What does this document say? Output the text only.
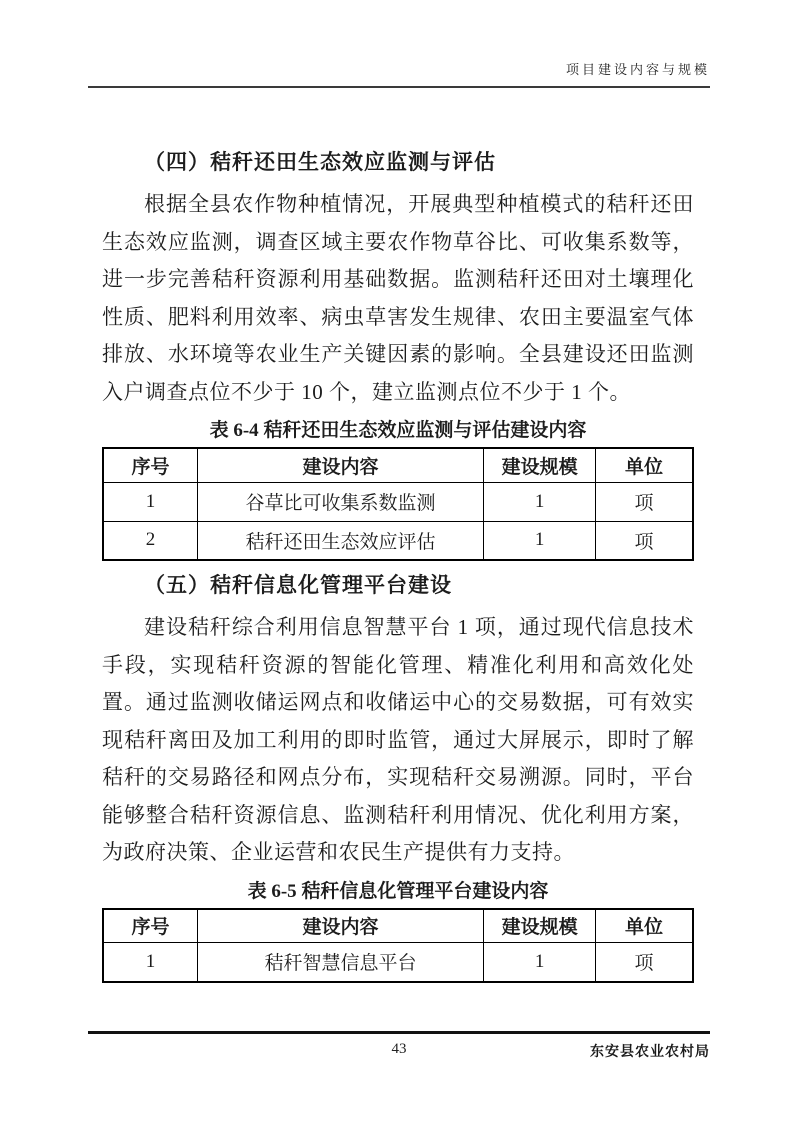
项目建设内容与规模
（四）秸秆还田生态效应监测与评估
根据全县农作物种植情况，开展典型种植模式的秸秆还田生态效应监测，调查区域主要农作物草谷比、可收集系数等，进一步完善秸秆资源利用基础数据。监测秸秆还田对土壤理化性质、肥料利用效率、病虫草害发生规律、农田主要温室气体排放、水环境等农业生产关键因素的影响。全县建设还田监测入户调查点位不少于 10 个，建立监测点位不少于 1 个。
表 6-4 秸秆还田生态效应监测与评估建设内容
序号	建设内容	建设规模	单位
1	谷草比可收集系数监测	1	项
2	秸秆还田生态效应评估	1	项
（五）秸秆信息化管理平台建设
建设秸秆综合利用信息智慧平台 1 项，通过现代信息技术手段，实现秸秆资源的智能化管理、精准化利用和高效化处置。通过监测收储运网点和收储运中心的交易数据，可有效实现秸秆离田及加工利用的即时监管，通过大屏展示，即时了解秸秆的交易路径和网点分布，实现秸秆交易溯源。同时，平台能够整合秸秆资源信息、监测秸秆利用情况、优化利用方案，为政府决策、企业运营和农民生产提供有力支持。
表 6-5 秸秆信息化管理平台建设内容
序号	建设内容	建设规模	单位
1	秸秆智慧信息平台	1	项
43	东安县农业农村局
